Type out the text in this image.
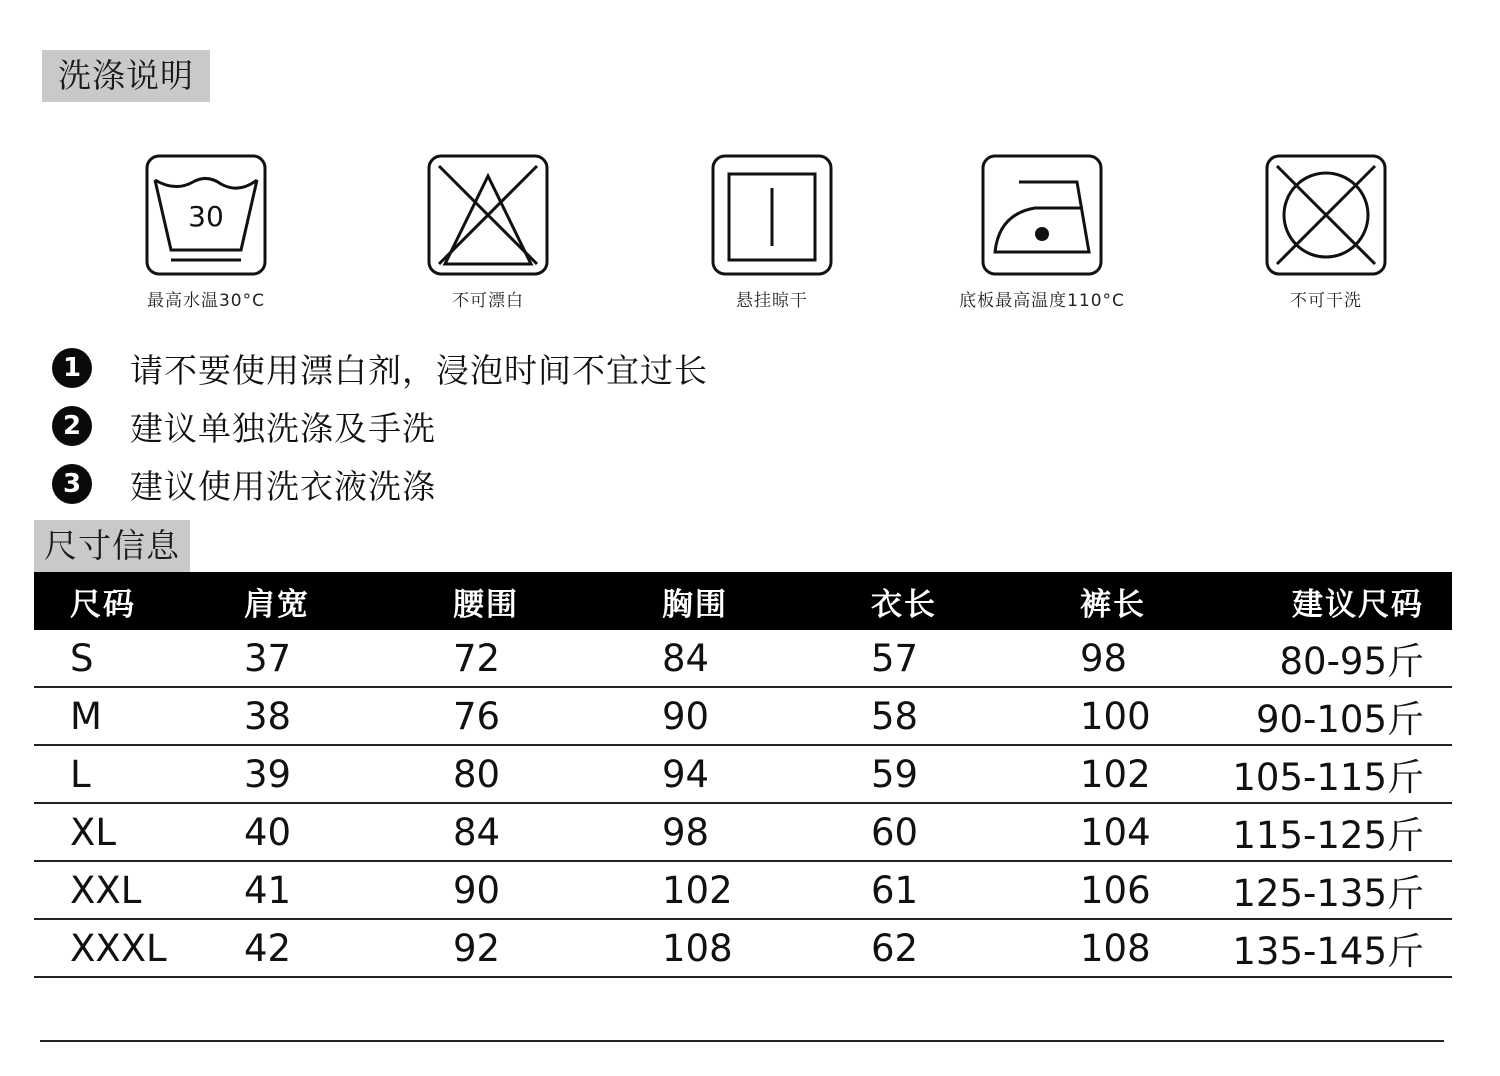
洗涤说明
30
最高水温30°C	不可漂白	悬挂晾干	底板最高温度110°C	不可干洗
1	请不要使用漂白剂，浸泡时间不宜过长
2	建议单独洗涤及手洗
3	建议使用洗衣液洗涤
尺寸信息
尺码	肩宽	腰围	胸围	衣长	裤长	建议尺码
S	37	72	84	57	98	80-95斤
M	38	76	90	58	100	90-105斤
L	39	80	94	59	102	105-115斤
XL	40	84	98	60	104	115-125斤
XXL	41	90	102	61	106	125-135斤
XXXL	42	92	108	62	108	135-145斤
